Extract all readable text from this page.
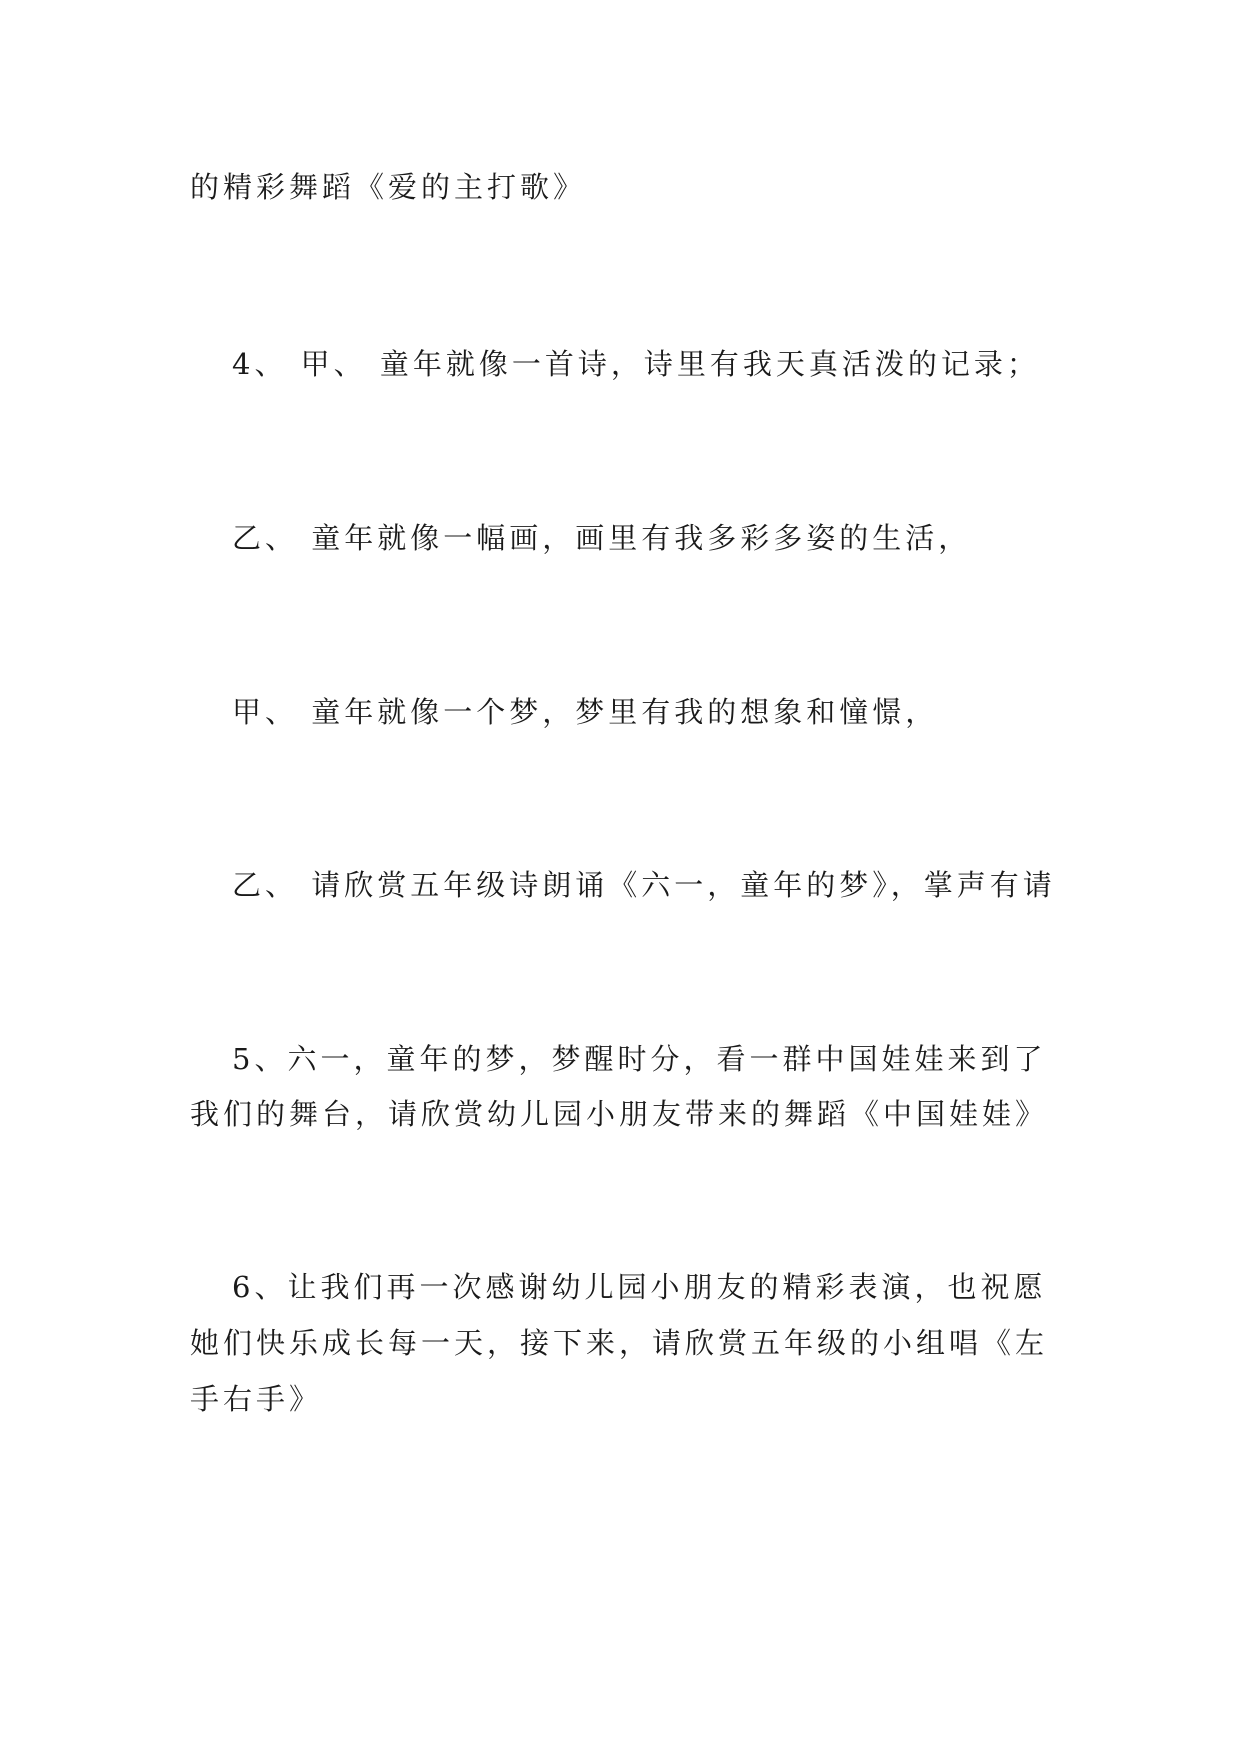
的精彩舞蹈《爱的主打歌》
4、 甲、 童年就像一首诗，诗里有我天真活泼的记录；
乙、 童年就像一幅画，画里有我多彩多姿的生活，
甲、 童年就像一个梦，梦里有我的想象和憧憬，
乙、 请欣赏五年级诗朗诵《六一，童年的梦》，掌声有请
5、六一，童年的梦，梦醒时分，看一群中国娃娃来到了
我们的舞台，请欣赏幼儿园小朋友带来的舞蹈《中国娃娃》
6、让我们再一次感谢幼儿园小朋友的精彩表演，也祝愿
她们快乐成长每一天，接下来，请欣赏五年级的小组唱《左
手右手》
